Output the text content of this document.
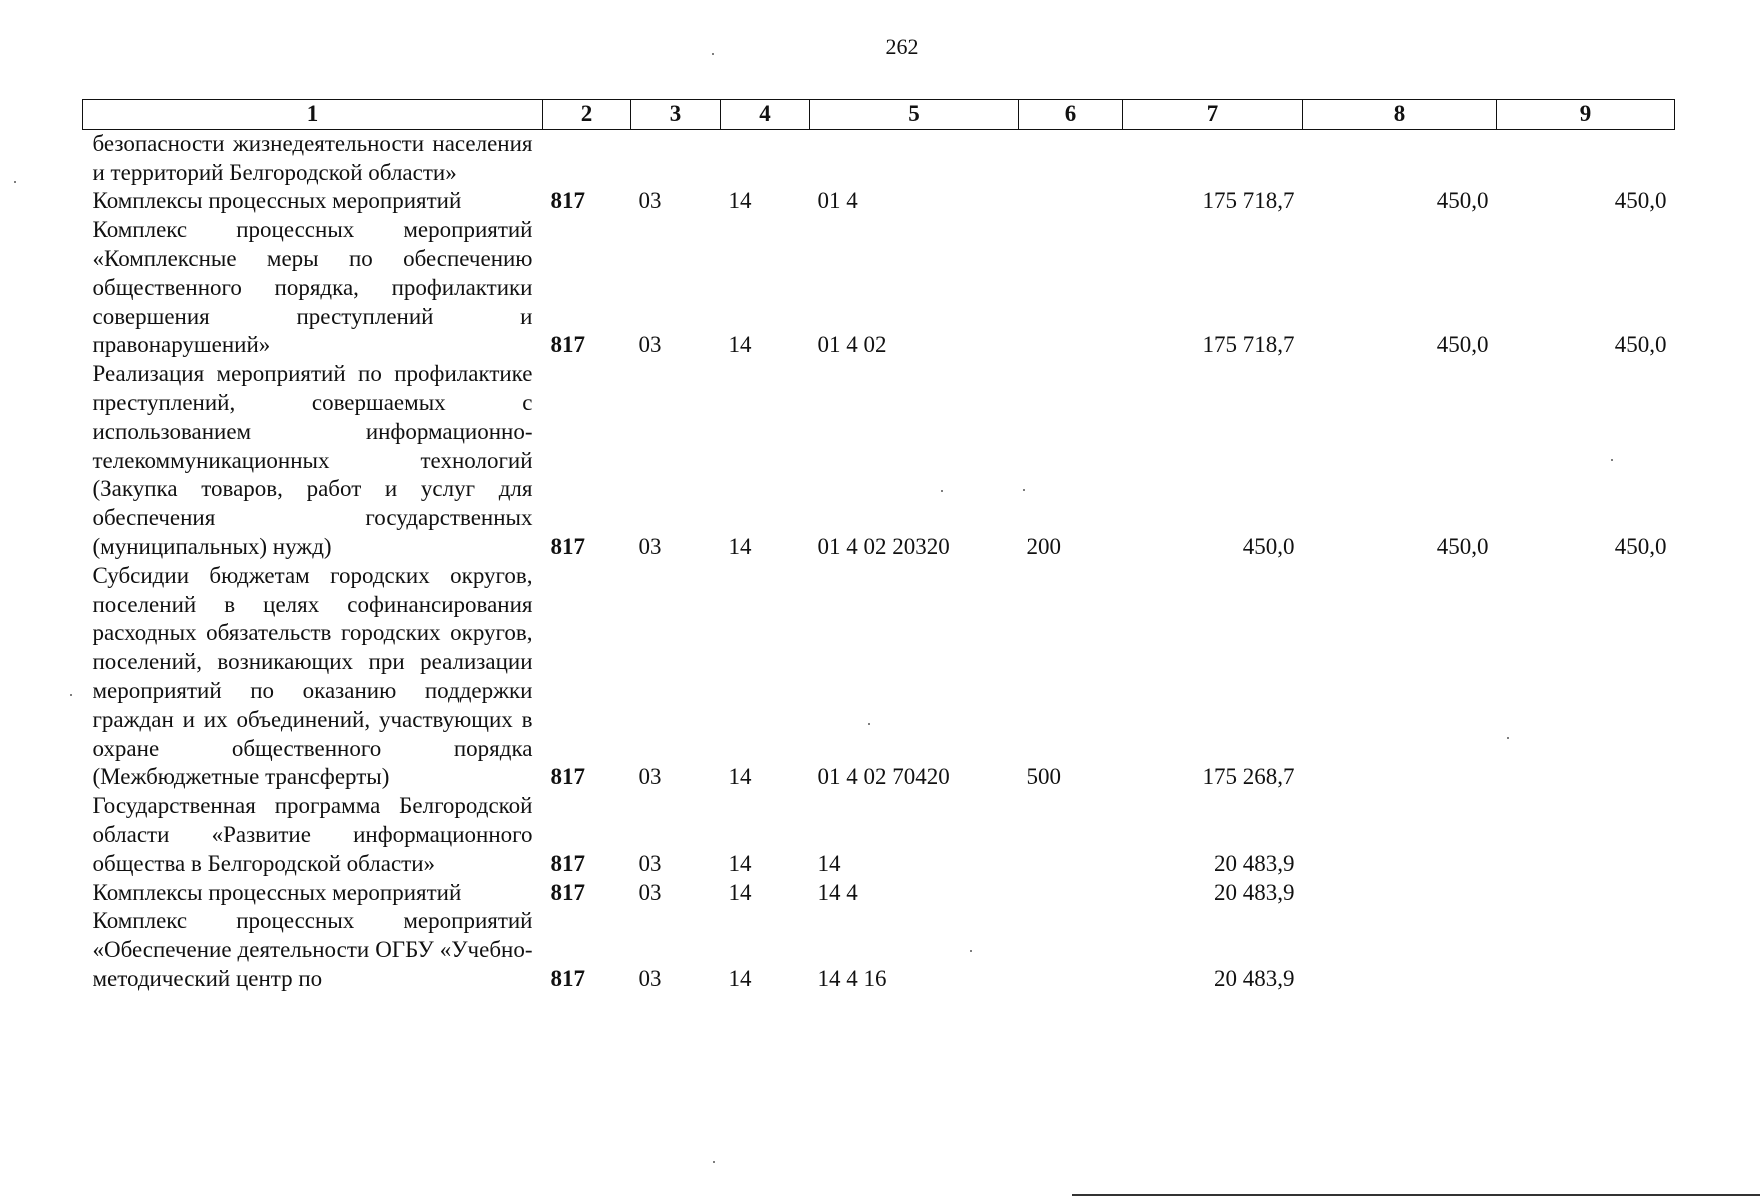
262
1	2	3	4	5	6	7	8	9
безопасности жизнедеятельности населения и территорий Белгородской области»								
Комплексы процессных мероприятий	817	03	14	01 4		175 718,7	450,0	450,0
Комплекс процессных мероприятий «Комплексные меры по обеспечению общественного порядка, профилактики совершения преступлений и правонарушений»	817	03	14	01 4 02		175 718,7	450,0	450,0
Реализация мероприятий по профилактике преступлений, совершаемых с использованием информационно-телекоммуникационных технологий (Закупка товаров, работ и услуг для обеспечения государственных (муниципальных) нужд)	817	03	14	01 4 02 20320	200	450,0	450,0	450,0
Субсидии бюджетам городских округов, поселений в целях софинансирования расходных обязательств городских округов, поселений, возникающих при реализации мероприятий по оказанию поддержки граждан и их объединений, участвующих в охране общественного порядка (Межбюджетные трансферты)	817	03	14	01 4 02 70420	500	175 268,7		
Государственная программа Белгородской области «Развитие информационного общества в Белгородской области»	817	03	14	14		20 483,9		
Комплексы процессных мероприятий	817	03	14	14 4		20 483,9		
Комплекс процессных мероприятий «Обеспечение деятельности ОГБУ «Учебно-методический центр по	817	03	14	14 4 16		20 483,9		
